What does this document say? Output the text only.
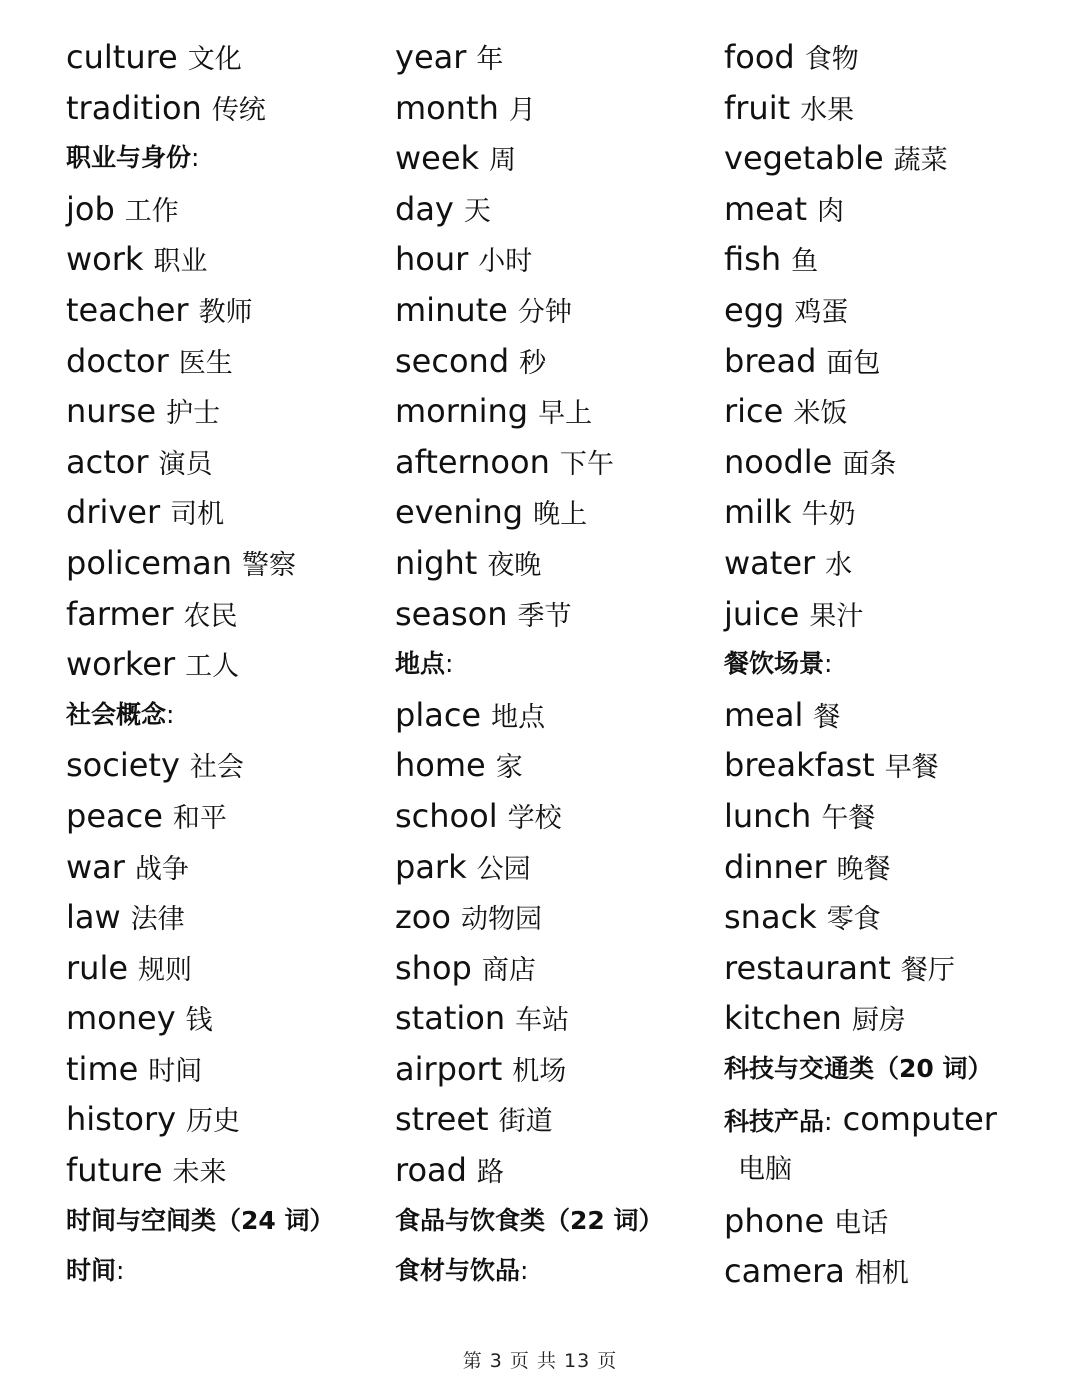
culture 文化
tradition 传统
职业与身份:
job 工作
work 职业
teacher 教师
doctor 医生
nurse 护士
actor 演员
driver 司机
policeman 警察
farmer 农民
worker 工人
社会概念:
society 社会
peace 和平
war 战争
law 法律
rule 规则
money 钱
time 时间
history 历史
future 未来
时间与空间类（24 词）
时间:
year 年
month 月
week 周
day 天
hour 小时
minute 分钟
second 秒
morning 早上
afternoon 下午
evening 晚上
night 夜晚
season 季节
地点:
place 地点
home 家
school 学校
park 公园
zoo 动物园
shop 商店
station 车站
airport 机场
street 街道
road 路
食品与饮食类（22 词）
食材与饮品:
food 食物
fruit 水果
vegetable 蔬菜
meat 肉
fish 鱼
egg 鸡蛋
bread 面包
rice 米饭
noodle 面条
milk 牛奶
water 水
juice 果汁
餐饮场景:
meal 餐
breakfast 早餐
lunch 午餐
dinner 晚餐
snack 零食
restaurant 餐厅
kitchen 厨房
科技与交通类（20 词）
科技产品: computer
电脑
phone 电话
camera 相机
第 3 页 共 13 页
